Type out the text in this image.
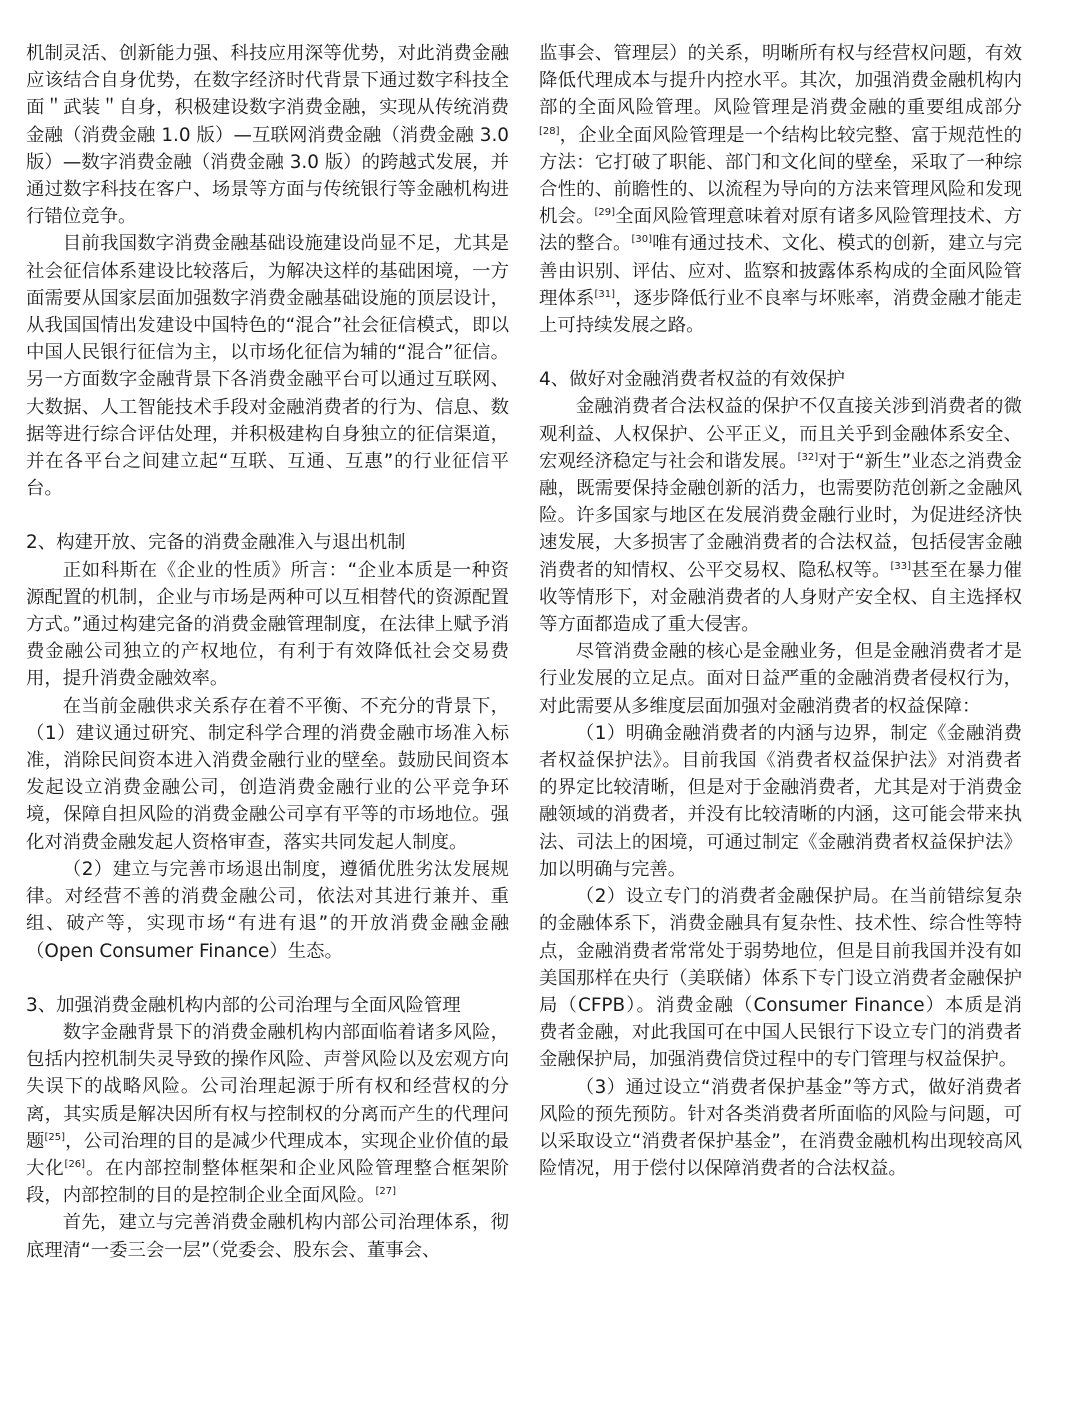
机制灵活、创新能力强、科技应用深等优势，对此消费金融应该结合自身优势，在数字经济时代背景下通过数字科技全面＂武装＂自身，积极建设数字消费金融，实现从传统消费金融（消费金融 1.0 版）—互联网消费金融（消费金融 3.0 版）—数字消费金融（消费金融 3.0 版）的跨越式发展，并通过数字科技在客户、场景等方面与传统银行等金融机构进行错位竞争。

目前我国数字消费金融基础设施建设尚显不足，尤其是社会征信体系建设比较落后，为解决这样的基础困境，一方面需要从国家层面加强数字消费金融基础设施的顶层设计，从我国国情出发建设中国特色的“混合”社会征信模式，即以中国人民银行征信为主，以市场化征信为辅的“混合”征信。另一方面数字金融背景下各消费金融平台可以通过互联网、大数据、人工智能技术手段对金融消费者的行为、信息、数据等进行综合评估处理，并积极建构自身独立的征信渠道，并在各平台之间建立起“互联、互通、互惠”的行业征信平台。

2、构建开放、完备的消费金融准入与退出机制

正如科斯在《企业的性质》所言：“企业本质是一种资源配置的机制，企业与市场是两种可以互相替代的资源配置方式。”通过构建完备的消费金融管理制度，在法律上赋予消费金融公司独立的产权地位，有利于有效降低社会交易费用，提升消费金融效率。

在当前金融供求关系存在着不平衡、不充分的背景下，（1）建议通过研究、制定科学合理的消费金融市场准入标准，消除民间资本进入消费金融行业的壁垒。鼓励民间资本发起设立消费金融公司，创造消费金融行业的公平竞争环境，保障自担风险的消费金融公司享有平等的市场地位。强化对消费金融发起人资格审查，落实共同发起人制度。

（2）建立与完善市场退出制度，遵循优胜劣汰发展规律。对经营不善的消费金融公司，依法对其进行兼并、重组、破产等，实现市场“有进有退”的开放消费金融金融（Open Consumer Finance）生态。

3、加强消费金融机构内部的公司治理与全面风险管理

数字金融背景下的消费金融机构内部面临着诸多风险，包括内控机制失灵导致的操作风险、声誉风险以及宏观方向失误下的战略风险。公司治理起源于所有权和经营权的分离，其实质是解决因所有权与控制权的分离而产生的代理问题[25]，公司治理的目的是减少代理成本，实现企业价值的最大化[26]。在内部控制整体框架和企业风险管理整合框架阶段，内部控制的目的是控制企业全面风险。[27]

首先，建立与完善消费金融机构内部公司治理体系，彻底理清“一委三会一层”（党委会、股东会、董事会、

监事会、管理层）的关系，明晰所有权与经营权问题，有效降低代理成本与提升内控水平。其次，加强消费金融机构内部的全面风险管理。风险管理是消费金融的重要组成部分[28]，企业全面风险管理是一个结构比较完整、富于规范性的方法：它打破了职能、部门和文化间的壁垒，采取了一种综合性的、前瞻性的、以流程为导向的方法来管理风险和发现机会。[29]全面风险管理意味着对原有诸多风险管理技术、方法的整合。[30]唯有通过技术、文化、模式的创新，建立与完善由识别、评估、应对、监察和披露体系构成的全面风险管理体系[31]，逐步降低行业不良率与坏账率，消费金融才能走上可持续发展之路。

4、做好对金融消费者权益的有效保护

金融消费者合法权益的保护不仅直接关涉到消费者的微观利益、人权保护、公平正义，而且关乎到金融体系安全、宏观经济稳定与社会和谐发展。[32]对于“新生”业态之消费金融，既需要保持金融创新的活力，也需要防范创新之金融风险。许多国家与地区在发展消费金融行业时，为促进经济快速发展，大多损害了金融消费者的合法权益，包括侵害金融消费者的知情权、公平交易权、隐私权等。[33]甚至在暴力催收等情形下，对金融消费者的人身财产安全权、自主选择权等方面都造成了重大侵害。

尽管消费金融的核心是金融业务，但是金融消费者才是行业发展的立足点。面对日益严重的金融消费者侵权行为，对此需要从多维度层面加强对金融消费者的权益保障：

（1）明确金融消费者的内涵与边界，制定《金融消费者权益保护法》。目前我国《消费者权益保护法》对消费者的界定比较清晰，但是对于金融消费者，尤其是对于消费金融领域的消费者，并没有比较清晰的内涵，这可能会带来执法、司法上的困境，可通过制定《金融消费者权益保护法》加以明确与完善。

（2）设立专门的消费者金融保护局。在当前错综复杂的金融体系下，消费金融具有复杂性、技术性、综合性等特点，金融消费者常常处于弱势地位，但是目前我国并没有如美国那样在央行（美联储）体系下专门设立消费者金融保护局（CFPB）。消费金融（Consumer Finance）本质是消费者金融，对此我国可在中国人民银行下设立专门的消费者金融保护局，加强消费信贷过程中的专门管理与权益保护。

（3）通过设立“消费者保护基金”等方式，做好消费者风险的预先预防。针对各类消费者所面临的风险与问题，可以采取设立“消费者保护基金”，在消费金融机构出现较高风险情况，用于偿付以保障消费者的合法权益。
